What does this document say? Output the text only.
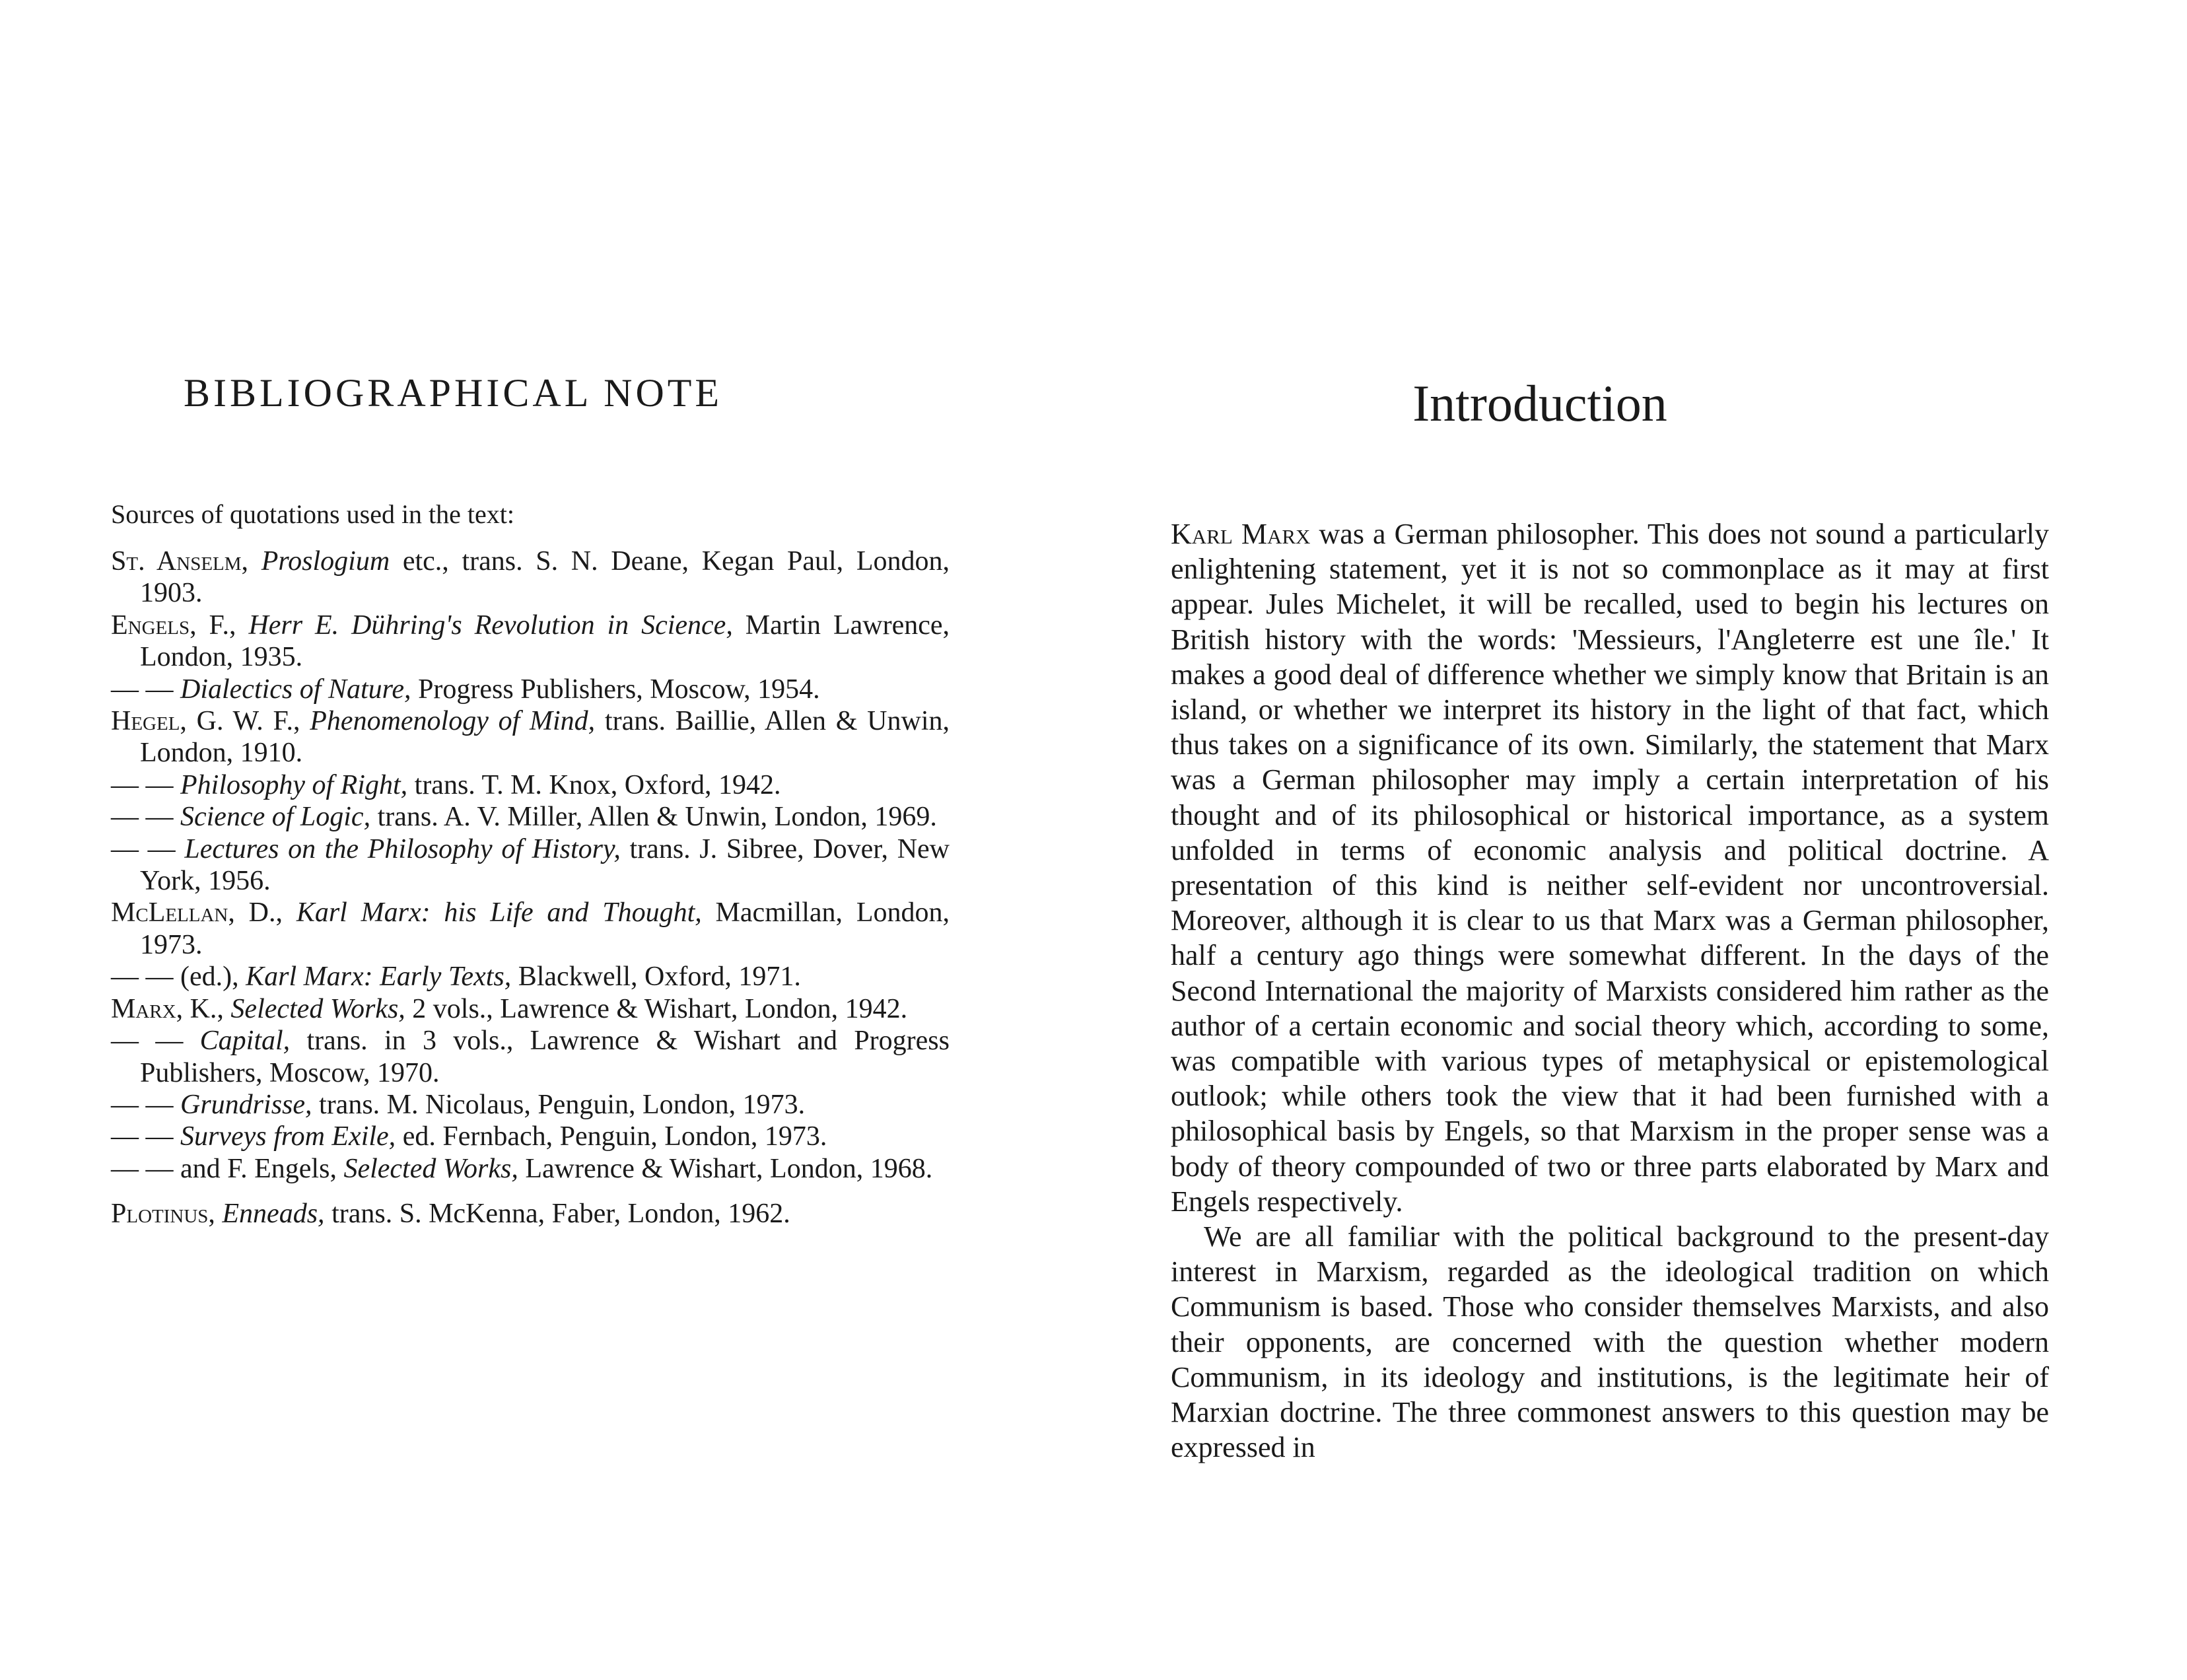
BIBLIOGRAPHICAL NOTE

Sources of quotations used in the text:

St. Anselm, Proslogium etc., trans. S. N. Deane, Kegan Paul, London, 1903.
Engels, F., Herr E. Dühring's Revolution in Science, Martin Lawrence, London, 1935.
— — Dialectics of Nature, Progress Publishers, Moscow, 1954.
Hegel, G. W. F., Phenomenology of Mind, trans. Baillie, Allen & Unwin, London, 1910.
— — Philosophy of Right, trans. T. M. Knox, Oxford, 1942.
— — Science of Logic, trans. A. V. Miller, Allen & Unwin, London, 1969.
— — Lectures on the Philosophy of History, trans. J. Sibree, Dover, New York, 1956.
McLellan, D., Karl Marx: his Life and Thought, Macmillan, London, 1973.
— — (ed.), Karl Marx: Early Texts, Blackwell, Oxford, 1971.
Marx, K., Selected Works, 2 vols., Lawrence & Wishart, London, 1942.
— — Capital, trans. in 3 vols., Lawrence & Wishart and Progress Publishers, Moscow, 1970.
— — Grundrisse, trans. M. Nicolaus, Penguin, London, 1973.
— — Surveys from Exile, ed. Fernbach, Penguin, London, 1973.
— — and F. Engels, Selected Works, Lawrence & Wishart, London, 1968.
Plotinus, Enneads, trans. S. McKenna, Faber, London, 1962.
Introduction

Karl Marx was a German philosopher. This does not sound a particularly enlightening statement, yet it is not so commonplace as it may at first appear. Jules Michelet, it will be recalled, used to begin his lectures on British history with the words: 'Messieurs, l'Angleterre est une île.' It makes a good deal of difference whether we simply know that Britain is an island, or whether we interpret its history in the light of that fact, which thus takes on a significance of its own. Similarly, the statement that Marx was a German philosopher may imply a certain interpretation of his thought and of its philosophical or historical importance, as a system unfolded in terms of economic analysis and political doctrine. A presentation of this kind is neither self-evident nor uncontroversial. Moreover, although it is clear to us that Marx was a German philosopher, half a century ago things were somewhat different. In the days of the Second International the majority of Marxists considered him rather as the author of a certain economic and social theory which, according to some, was compatible with various types of metaphysical or epistemological outlook; while others took the view that it had been furnished with a philosophical basis by Engels, so that Marxism in the proper sense was a body of theory compounded of two or three parts elaborated by Marx and Engels respectively.

We are all familiar with the political background to the present-day interest in Marxism, regarded as the ideological tradition on which Communism is based. Those who consider themselves Marxists, and also their opponents, are concerned with the question whether modern Communism, in its ideology and institutions, is the legitimate heir of Marxian doctrine. The three commonest answers to this question may be expressed in
